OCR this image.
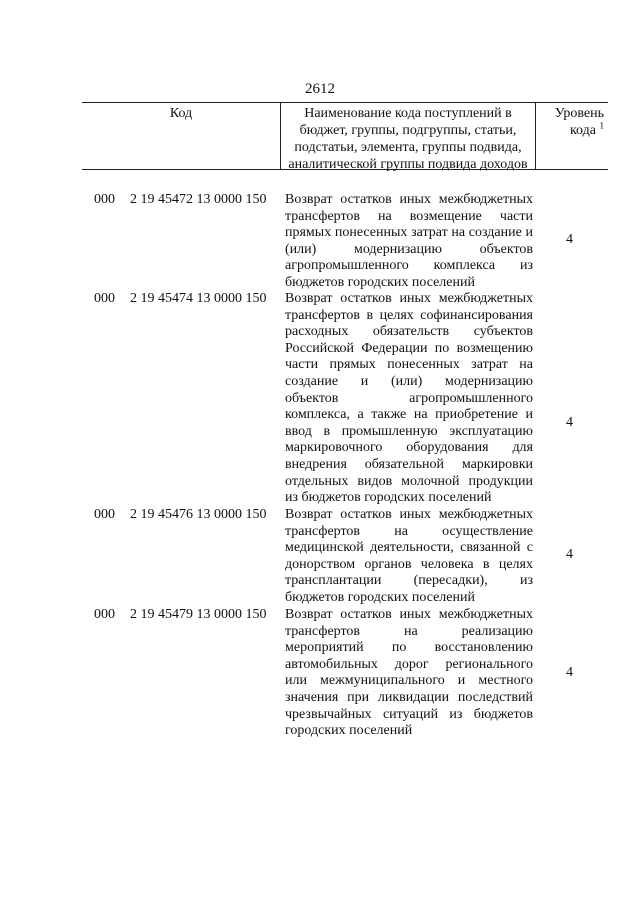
2612
Код	Наименование кода поступлений в
бюджет, группы, подгруппы, статьи,
подстатьи, элемента, группы подвида,
аналитической группы подвида доходов
Уровень
кода $^1$
000 2 19 45472 13 0000 150 Возврат остатков иных межбюджетных
трансфертов на возмещение части
прямых понесенных затрат на создание и
(или) модернизацию объектов
агропромышленного комплекса из
бюджетов городских поселений
4
000 2 19 45474 13 0000 150 Возврат остатков иных межбюджетных
трансфертов в целях софинансирования
расходных обязательств субъектов
Российской Федерации по возмещению
части прямых понесенных затрат на
создание и (или) модернизацию
объектов агропромышленного
комплекса, а также на приобретение и
ввод в промышленную эксплуатацию
маркировочного оборудования для
внедрения обязательной маркировки
отдельных видов молочной продукции
из бюджетов городских поселений
4
000 2 19 45476 13 0000 150 Возврат остатков иных межбюджетных
трансфертов на осуществление
медицинской деятельности, связанной с
донорством органов человека в целях
трансплантации (пересадки), из
бюджетов городских поселений
4
000 2 19 45479 13 0000 150 Возврат остатков иных межбюджетных
трансфертов на реализацию
мероприятий по восстановлению
автомобильных дорог регионального
или межмуниципального и местного
значения при ликвидации последствий
чрезвычайных ситуаций из бюджетов
городских поселений
4
